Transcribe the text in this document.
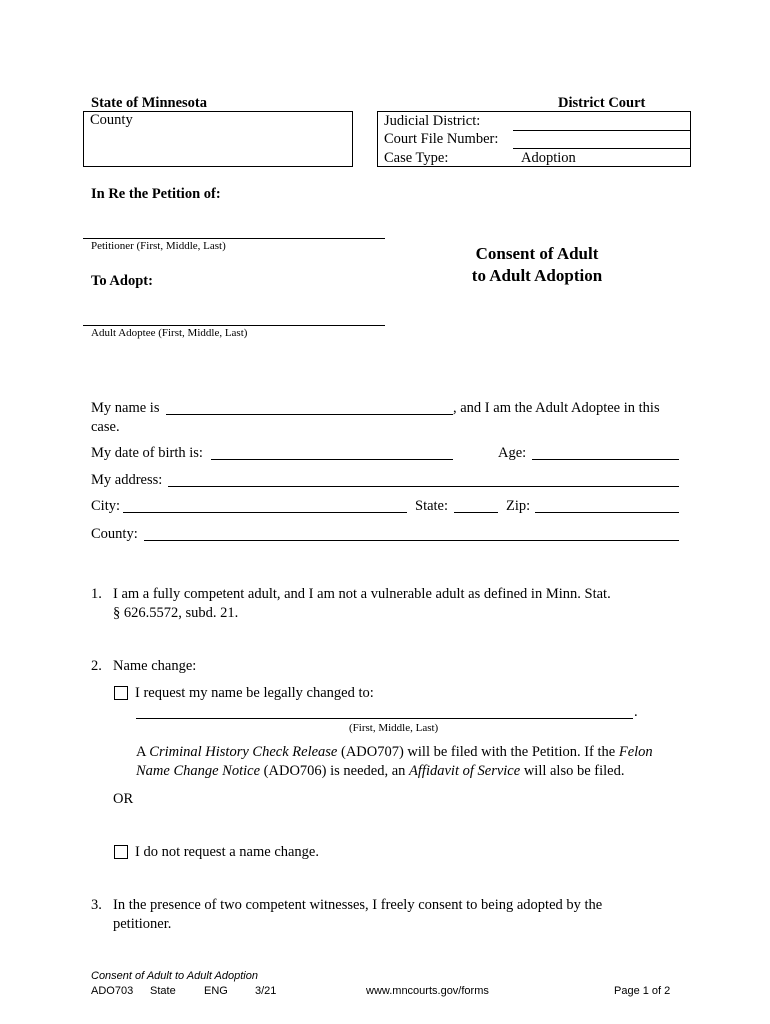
State of Minnesota
County
District Court
Judicial District:
Court File Number:
Case Type:	Adoption
In Re the Petition of:
Petitioner (First, Middle, Last)
To Adopt:
Adult Adoptee (First, Middle, Last)
Consent of Adult
to Adult Adoption
My name is	, and I am the Adult Adoptee in this
case.
My date of birth is:	Age:
My address:
City:	State:	Zip:
County:
1. I am a fully competent adult, and I am not a vulnerable adult as defined in Minn. Stat.
§ 626.5572, subd. 21.
2. Name change:
I request my name be legally changed to:
.
(First, Middle, Last)
A Criminal History Check Release (ADO707) will be filed with the Petition. If the Felon
Name Change Notice (ADO706) is needed, an Affidavit of Service will also be filed.
OR
I do not request a name change.
3. In the presence of two competent witnesses, I freely consent to being adopted by the
petitioner.
Consent of Adult to Adult Adoption
ADO703 State	ENG 3/21	www.mncourts.gov/forms	Page 1 of 2
